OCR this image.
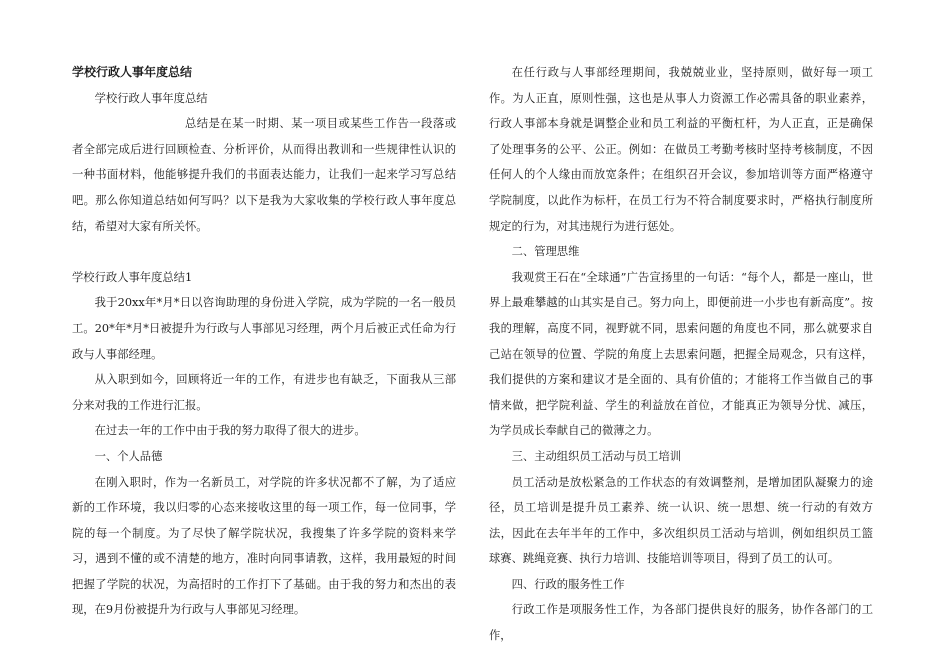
学校行政人事年度总结

学校行政人事年度总结

总结是在某一时期、某一项目或某些工作告一段落或者全部完成后进行回顾检查、分析评价，从而得出教训和一些规律性认识的一种书面材料，他能够提升我们的书面表达能力，让我们一起来学习写总结吧。那么你知道总结如何写吗？以下是我为大家收集的学校行政人事年度总结，希望对大家有所关怀。

学校行政人事年度总结1

我于20xx年*月*日以咨询助理的身份进入学院，成为学院的一名一般员工。20*年*月*日被提升为行政与人事部见习经理，两个月后被正式任命为行政与人事部经理。

从入职到如今，回顾将近一年的工作，有进步也有缺乏，下面我从三部分来对我的工作进行汇报。

在过去一年的工作中由于我的努力取得了很大的进步。

一、个人品德

在刚入职时，作为一名新员工，对学院的许多状况都不了解，为了适应新的工作环境，我以归零的心态来接收这里的每一项工作，每一位同事，学院的每一个制度。为了尽快了解学院状况，我搜集了许多学院的资料来学习，遇到不懂的或不清楚的地方，准时向同事请教，这样，我用最短的时间把握了学院的状况，为高招时的工作打下了基础。由于我的努力和杰出的表现，在9月份被提升为行政与人事部见习经理。

在任行政与人事部经理期间，我兢兢业业，坚持原则，做好每一项工作。为人正直，原则性强，这也是从事人力资源工作必需具备的职业素养，行政人事部本身就是调整企业和员工利益的平衡杠杆，为人正直，正是确保了处理事务的公平、公正。例如：在做员工考勤考核时坚持考核制度，不因任何人的个人缘由而放宽条件；在组织召开会议，参加培训等方面严格遵守学院制度，以此作为标杆，在员工行为不符合制度要求时，严格执行制度所规定的行为，对其违规行为进行惩处。

二、管理思维

我观赏王石在“全球通”广告宣扬里的一句话：“每个人，都是一座山，世界上最难攀越的山其实是自己。努力向上，即便前进一小步也有新高度”。按我的理解，高度不同，视野就不同，思索问题的角度也不同，那么就要求自己站在领导的位置、学院的角度上去思索问题，把握全局观念，只有这样，我们提供的方案和建议才是全面的、具有价值的；才能将工作当做自己的事情来做，把学院利益、学生的利益放在首位，才能真正为领导分忧、减压，为学员成长奉献自己的微薄之力。

三、主动组织员工活动与员工培训

员工活动是放松紧急的工作状态的有效调整剂，是增加团队凝聚力的途径，员工培训是提升员工素养、统一认识、统一思想、统一行动的有效方法，因此在去年半年的工作中，多次组织员工活动与培训，例如组织员工篮球赛、跳绳竞赛、执行力培训、技能培训等项目，得到了员工的认可。

四、行政的服务性工作

行政工作是项服务性工作，为各部门提供良好的服务，协作各部门的工作，
